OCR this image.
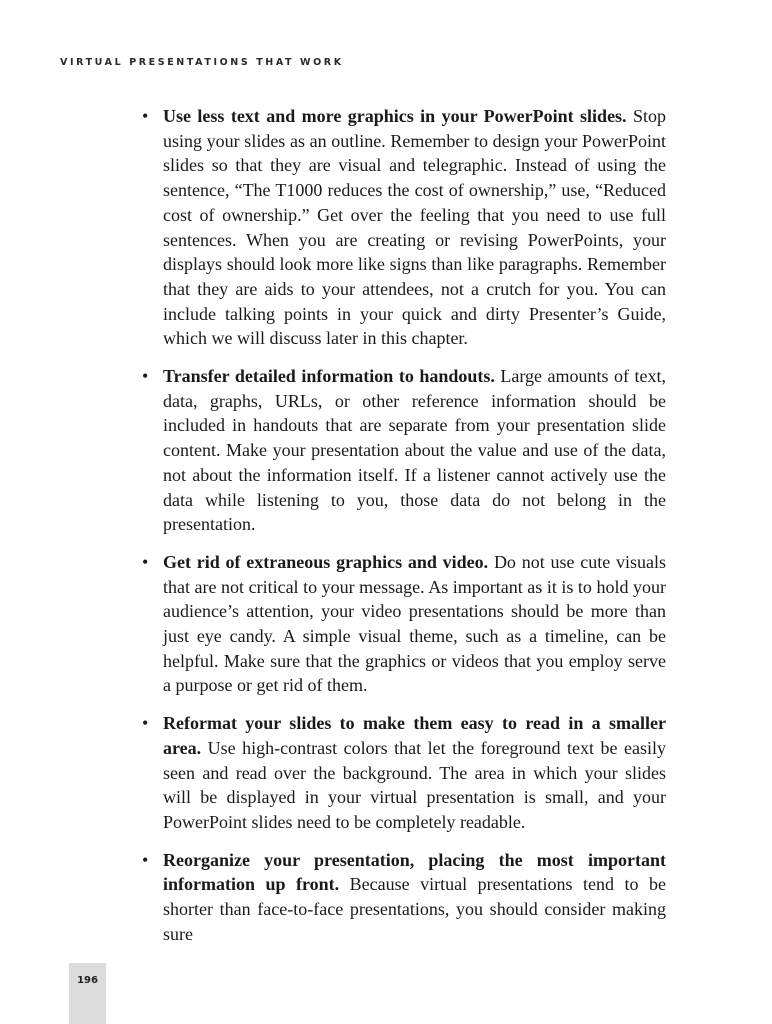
VIRTUAL PRESENTATIONS THAT WORK
• Use less text and more graphics in your PowerPoint slides. Stop using your slides as an outline. Remember to design your PowerPoint slides so that they are visual and telegraphic. Instead of using the sentence, “The T1000 reduces the cost of ownership,” use, “Reduced cost of ownership.” Get over the feeling that you need to use full sentences. When you are creating or revising PowerPoints, your displays should look more like signs than like paragraphs. Remember that they are aids to your attendees, not a crutch for you. You can include talking points in your quick and dirty Presenter’s Guide, which we will discuss later in this chapter.
• Transfer detailed information to handouts. Large amounts of text, data, graphs, URLs, or other reference information should be included in handouts that are separate from your presentation slide content. Make your presentation about the value and use of the data, not about the information itself. If a listener cannot actively use the data while listening to you, those data do not belong in the presentation.
• Get rid of extraneous graphics and video. Do not use cute visuals that are not critical to your message. As important as it is to hold your audience’s attention, your video presentations should be more than just eye candy. A simple visual theme, such as a timeline, can be helpful. Make sure that the graphics or videos that you employ serve a purpose or get rid of them.
• Reformat your slides to make them easy to read in a smaller area. Use high-contrast colors that let the foreground text be easily seen and read over the background. The area in which your slides will be displayed in your virtual presentation is small, and your PowerPoint slides need to be completely readable.
• Reorganize your presentation, placing the most important information up front. Because virtual presentations tend to be shorter than face-to-face presentations, you should consider making sure
196
